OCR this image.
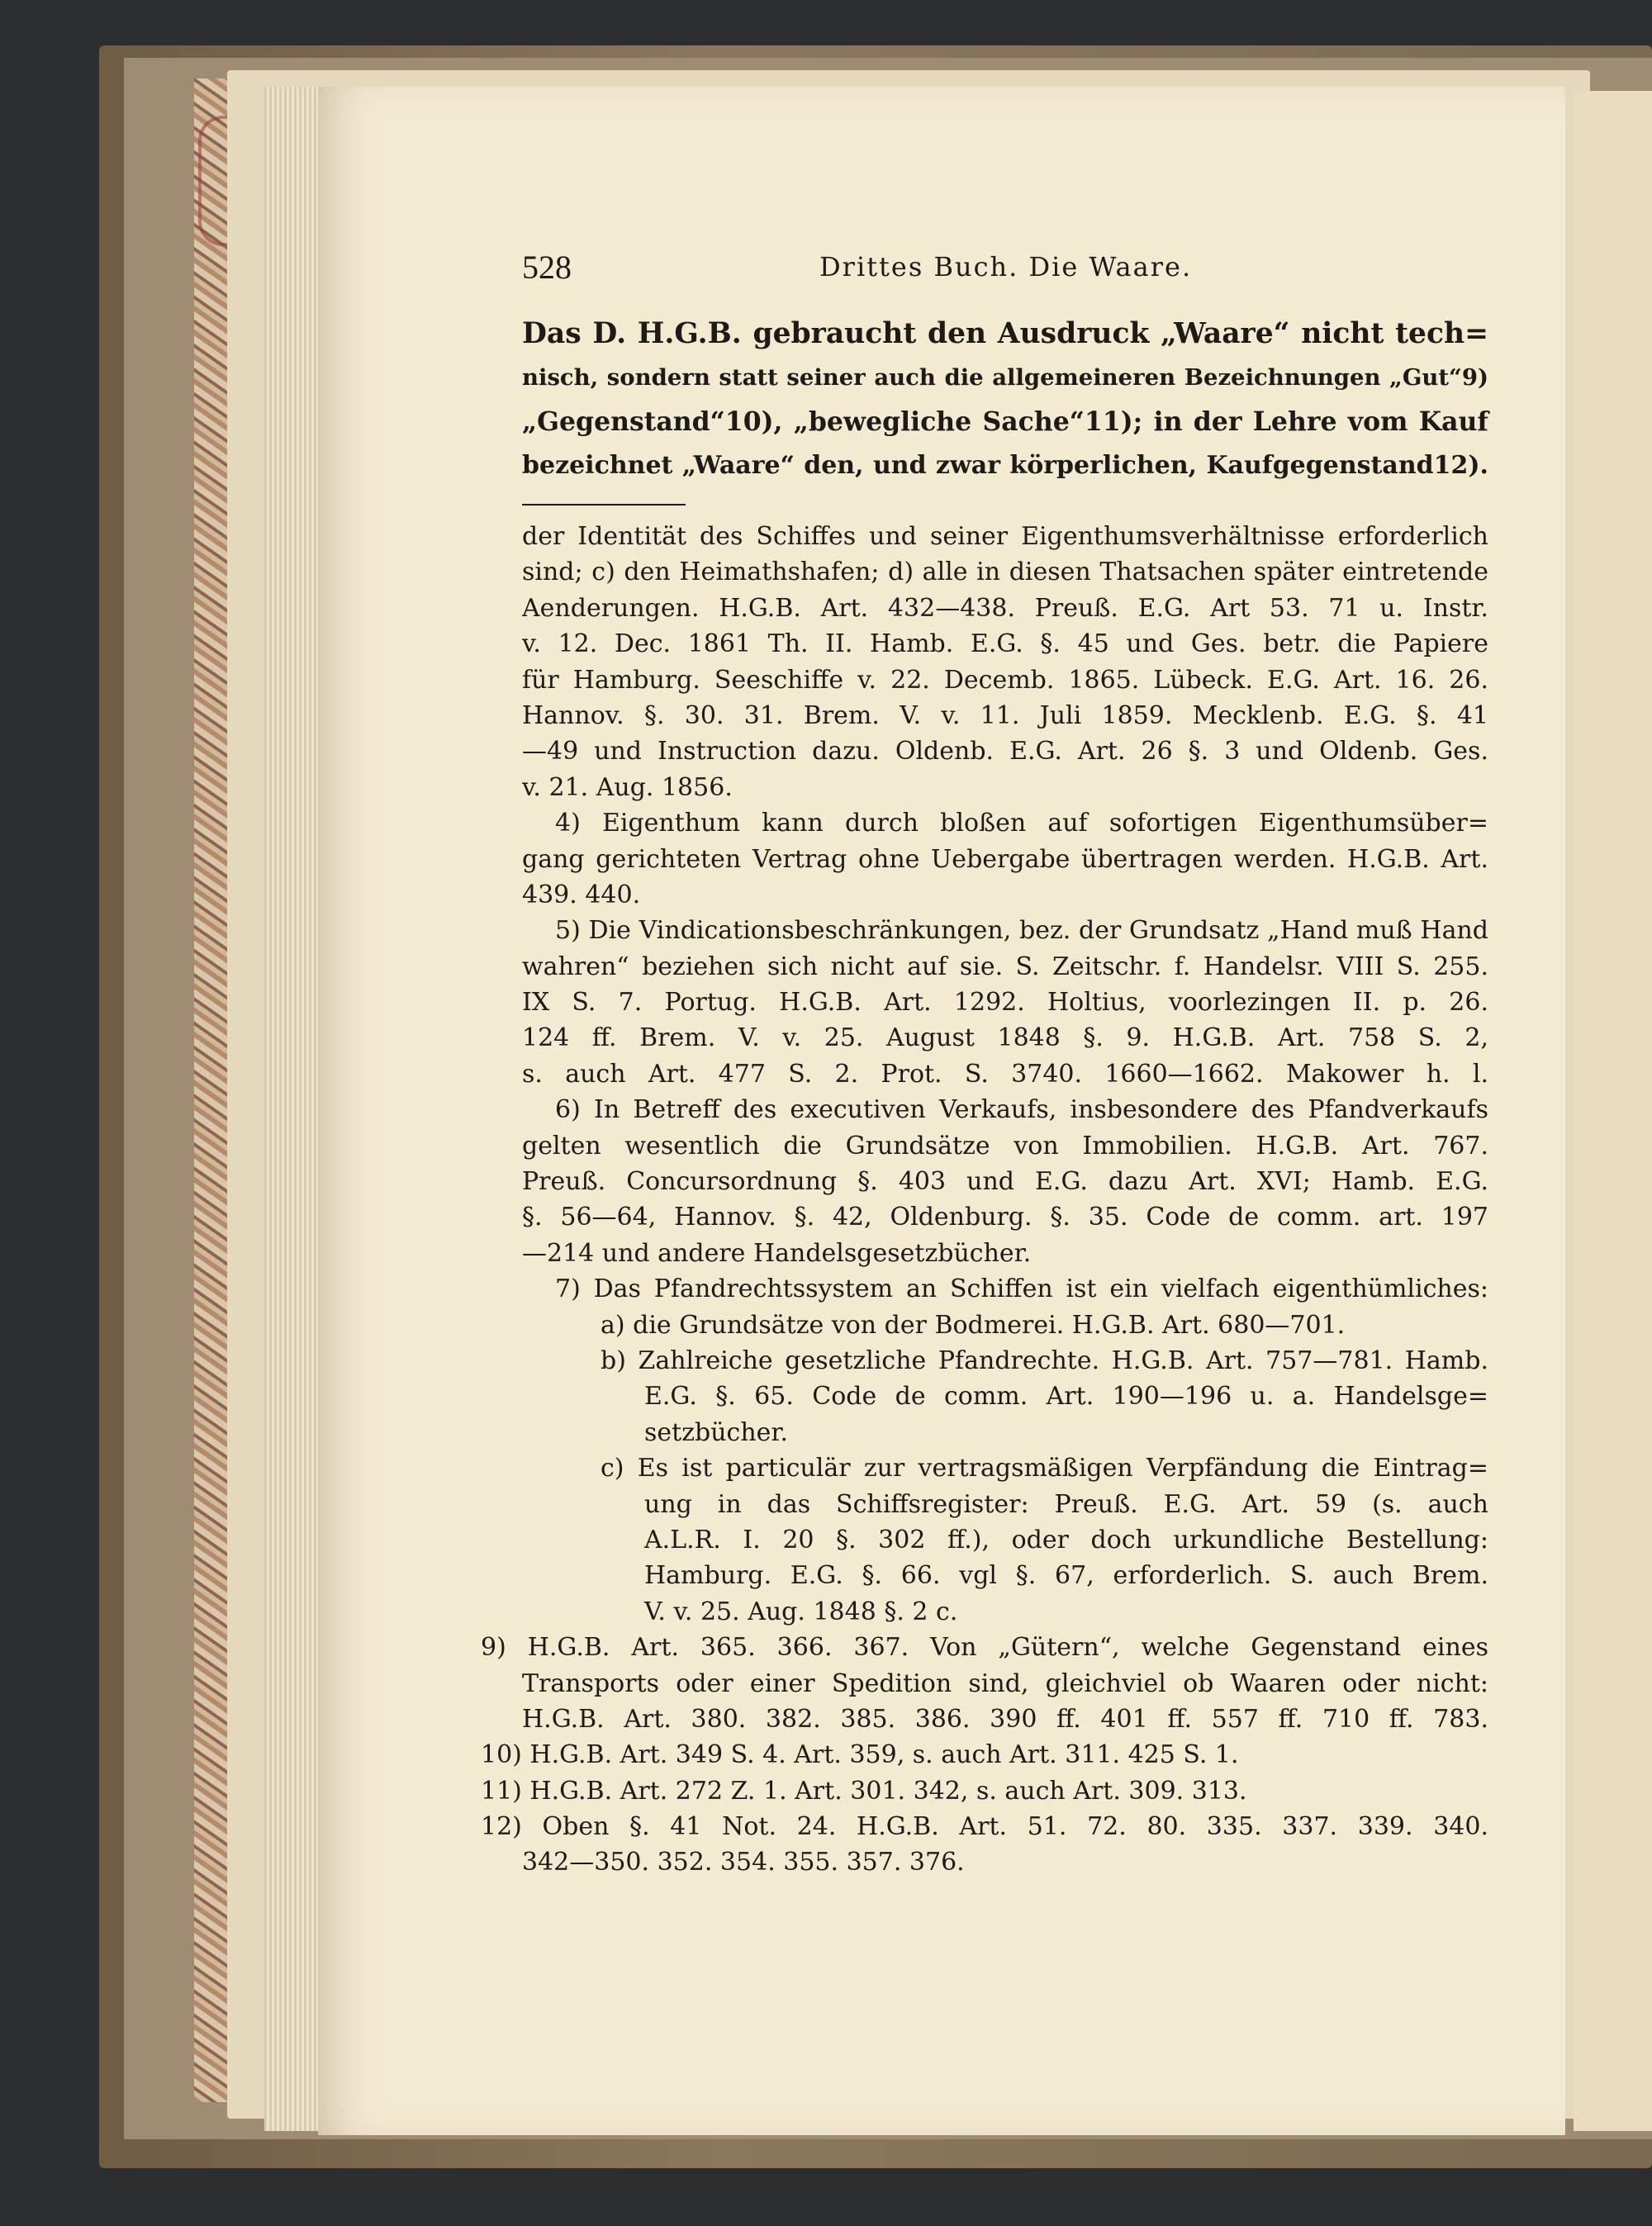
528	Drittes Buch. Die Waare.
Das D. H.G.B. gebraucht den Ausdruck „Waare“ nicht tech=
nisch, sondern statt seiner auch die allgemeineren Bezeichnungen „Gut“9)
„Gegenstand“10), „bewegliche Sache“11); in der Lehre vom Kauf
bezeichnet „Waare“ den, und zwar körperlichen, Kaufgegenstand12).
der Identität des Schiffes und seiner Eigenthumsverhältnisse erforderlich
sind; c) den Heimathshafen; d) alle in diesen Thatsachen später eintretende
Aenderungen. H.G.B. Art. 432—438. Preuß. E.G. Art 53. 71 u. Instr.
v. 12. Dec. 1861 Th. II. Hamb. E.G. §. 45 und Ges. betr. die Papiere
für Hamburg. Seeschiffe v. 22. Decemb. 1865. Lübeck. E.G. Art. 16. 26.
Hannov. §. 30. 31. Brem. V. v. 11. Juli 1859. Mecklenb. E.G. §. 41
—49 und Instruction dazu. Oldenb. E.G. Art. 26 §. 3 und Oldenb. Ges.
v. 21. Aug. 1856.
4) Eigenthum kann durch bloßen auf sofortigen Eigenthumsüber=
gang gerichteten Vertrag ohne Uebergabe übertragen werden. H.G.B. Art.
439. 440.
5) Die Vindicationsbeschränkungen, bez. der Grundsatz „Hand muß Hand
wahren“ beziehen sich nicht auf sie. S. Zeitschr. f. Handelsr. VIII S. 255.
IX S. 7. Portug. H.G.B. Art. 1292. Holtius, voorlezingen II. p. 26.
124 ff. Brem. V. v. 25. August 1848 §. 9. H.G.B. Art. 758 S. 2,
s. auch Art. 477 S. 2. Prot. S. 3740. 1660—1662. Makower h. l.
6) In Betreff des executiven Verkaufs, insbesondere des Pfandverkaufs
gelten wesentlich die Grundsätze von Immobilien. H.G.B. Art. 767.
Preuß. Concursordnung §. 403 und E.G. dazu Art. XVI; Hamb. E.G.
§. 56—64, Hannov. §. 42, Oldenburg. §. 35. Code de comm. art. 197
—214 und andere Handelsgesetzbücher.
7) Das Pfandrechtssystem an Schiffen ist ein vielfach eigenthümliches:
a) die Grundsätze von der Bodmerei. H.G.B. Art. 680—701.
b) Zahlreiche gesetzliche Pfandrechte. H.G.B. Art. 757—781. Hamb.
E.G. §. 65. Code de comm. Art. 190—196 u. a. Handelsge=
setzbücher.
c) Es ist particulär zur vertragsmäßigen Verpfändung die Eintrag=
ung in das Schiffsregister: Preuß. E.G. Art. 59 (s. auch
A.L.R. I. 20 §. 302 ff.), oder doch urkundliche Bestellung:
Hamburg. E.G. §. 66. vgl §. 67, erforderlich. S. auch Brem.
V. v. 25. Aug. 1848 §. 2 c.
9) H.G.B. Art. 365. 366. 367. Von „Gütern“, welche Gegenstand eines
Transports oder einer Spedition sind, gleichviel ob Waaren oder nicht:
H.G.B. Art. 380. 382. 385. 386. 390 ff. 401 ff. 557 ff. 710 ff. 783.
10) H.G.B. Art. 349 S. 4. Art. 359, s. auch Art. 311. 425 S. 1.
11) H.G.B. Art. 272 Z. 1. Art. 301. 342, s. auch Art. 309. 313.
12) Oben §. 41 Not. 24. H.G.B. Art. 51. 72. 80. 335. 337. 339. 340.
342—350. 352. 354. 355. 357. 376.
